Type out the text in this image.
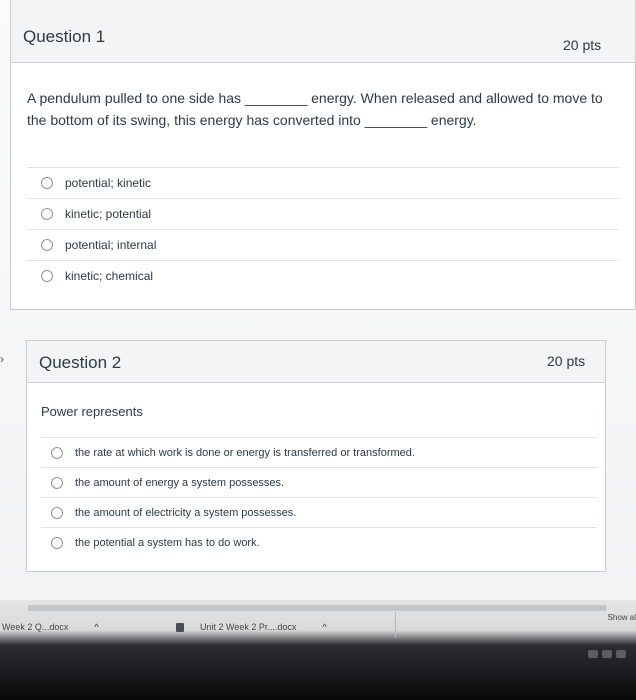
Question 1	20 pts
A pendulum pulled to one side has ________ energy. When released and allowed to move to the bottom of its swing, this energy has converted into ________ energy.
potential; kinetic
kinetic; potential
potential; internal
kinetic; chemical
› Question 2	20 pts
Power represents
the rate at which work is done or energy is transferred or transformed.
the amount of energy a system possesses.
the amount of electricity a system possesses.
the potential a system has to do work.
Week 2 Q...docx	^	Unit 2 Week 2 Pr....docx	^
Show al
